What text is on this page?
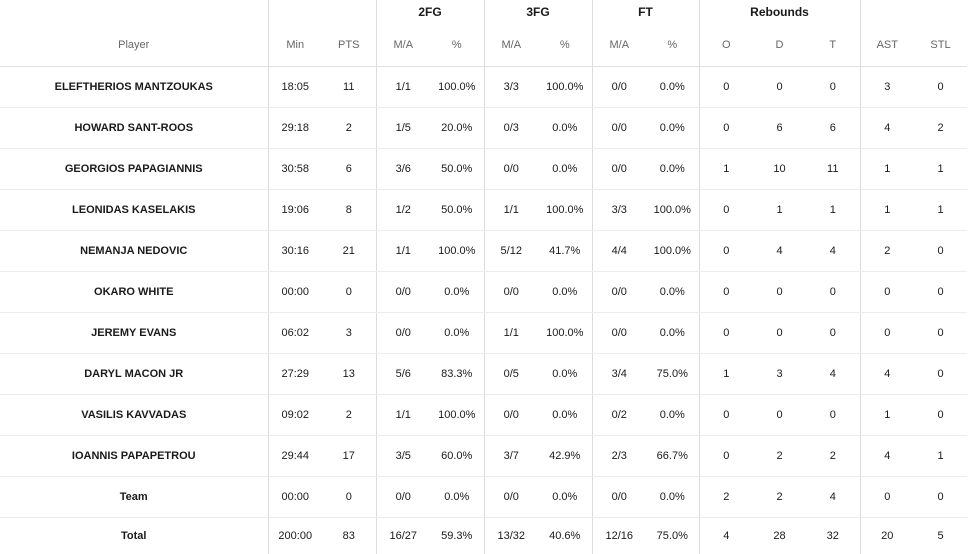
			2FG		3FG		FT		Rebounds				
Player	Min	PTS	M/A	%	M/A	%	M/A	%	O	D	T	AST	STL
ELEFTHERIOS MANTZOUKAS	18:05	11	1/1	100.0%	3/3	100.0%	0/0	0.0%	0	0	0	3	0
HOWARD SANT-ROOS	29:18	2	1/5	20.0%	0/3	0.0%	0/0	0.0%	0	6	6	4	2
GEORGIOS PAPAGIANNIS	30:58	6	3/6	50.0%	0/0	0.0%	0/0	0.0%	1	10	11	1	1
LEONIDAS KASELAKIS	19:06	8	1/2	50.0%	1/1	100.0%	3/3	100.0%	0	1	1	1	1
NEMANJA NEDOVIC	30:16	21	1/1	100.0%	5/12	41.7%	4/4	100.0%	0	4	4	2	0
OKARO WHITE	00:00	0	0/0	0.0%	0/0	0.0%	0/0	0.0%	0	0	0	0	0
JEREMY EVANS	06:02	3	0/0	0.0%	1/1	100.0%	0/0	0.0%	0	0	0	0	0
DARYL MACON JR	27:29	13	5/6	83.3%	0/5	0.0%	3/4	75.0%	1	3	4	4	0
VASILIS KAVVADAS	09:02	2	1/1	100.0%	0/0	0.0%	0/2	0.0%	0	0	0	1	0
IOANNIS PAPAPETROU	29:44	17	3/5	60.0%	3/7	42.9%	2/3	66.7%	0	2	2	4	1
Team	00:00	0	0/0	0.0%	0/0	0.0%	0/0	0.0%	2	2	4	0	0
Total	200:00	83	16/27	59.3%	13/32	40.6%	12/16	75.0%	4	28	32	20	5
